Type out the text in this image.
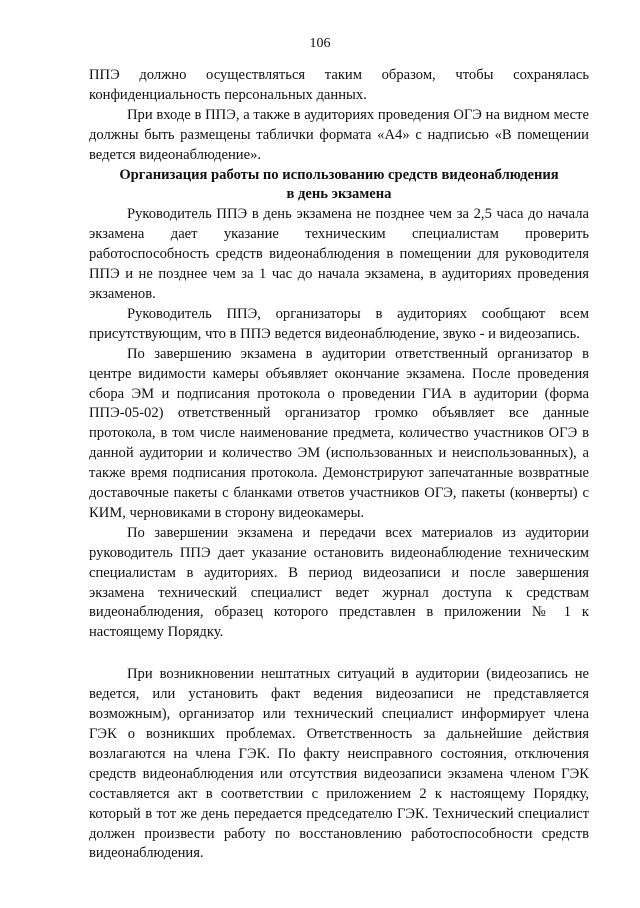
106

ППЭ должно осуществляться таким образом, чтобы сохранялась конфиденциальность персональных данных.

При входе в ППЭ, а также в аудиториях проведения ОГЭ на видном месте должны быть размещены таблички формата «А4» с надписью «В помещении ведется видеонаблюдение».

Организация работы по использованию средств видеонаблюдения
в день экзамена

Руководитель ППЭ в день экзамена не позднее чем за 2,5 часа до начала экзамена дает указание техническим специалистам проверить работоспособность средств видеонаблюдения в помещении для руководителя ППЭ и не позднее чем за 1 час до начала экзамена, в аудиториях проведения экзаменов.

Руководитель ППЭ, организаторы в аудиториях сообщают всем присутствующим, что в ППЭ ведется видеонаблюдение, звуко - и видеозапись.

По завершению экзамена в аудитории ответственный организатор в центре видимости камеры объявляет окончание экзамена. После проведения сбора ЭМ и подписания протокола о проведении ГИА в аудитории (форма ППЭ-05-02) ответственный организатор громко объявляет все данные протокола, в том числе наименование предмета, количество участников ОГЭ в данной аудитории и количество ЭМ (использованных и неиспользованных), а также время подписания протокола. Демонстрируют запечатанные возвратные доставочные пакеты с бланками ответов участников ОГЭ, пакеты (конверты) с КИМ, черновиками в сторону видеокамеры.

По завершении экзамена и передачи всех материалов из аудитории руководитель ППЭ дает указание остановить видеонаблюдение техническим специалистам в аудиториях. В период видеозаписи и после завершения экзамена технический специалист ведет журнал доступа к средствам видеонаблюдения, образец которого представлен в приложении № 1 к настоящему Порядку.

При возникновении нештатных ситуаций в аудитории (видеозапись не ведется, или установить факт ведения видеозаписи не представляется возможным), организатор или технический специалист информирует члена ГЭК о возникших проблемах. Ответственность за дальнейшие действия возлагаются на члена ГЭК. По факту неисправного состояния, отключения средств видеонаблюдения или отсутствия видеозаписи экзамена членом ГЭК составляется акт в соответствии с приложением 2 к настоящему Порядку, который в тот же день передается председателю ГЭК. Технический специалист должен произвести работу по восстановлению работоспособности средств видеонаблюдения.
